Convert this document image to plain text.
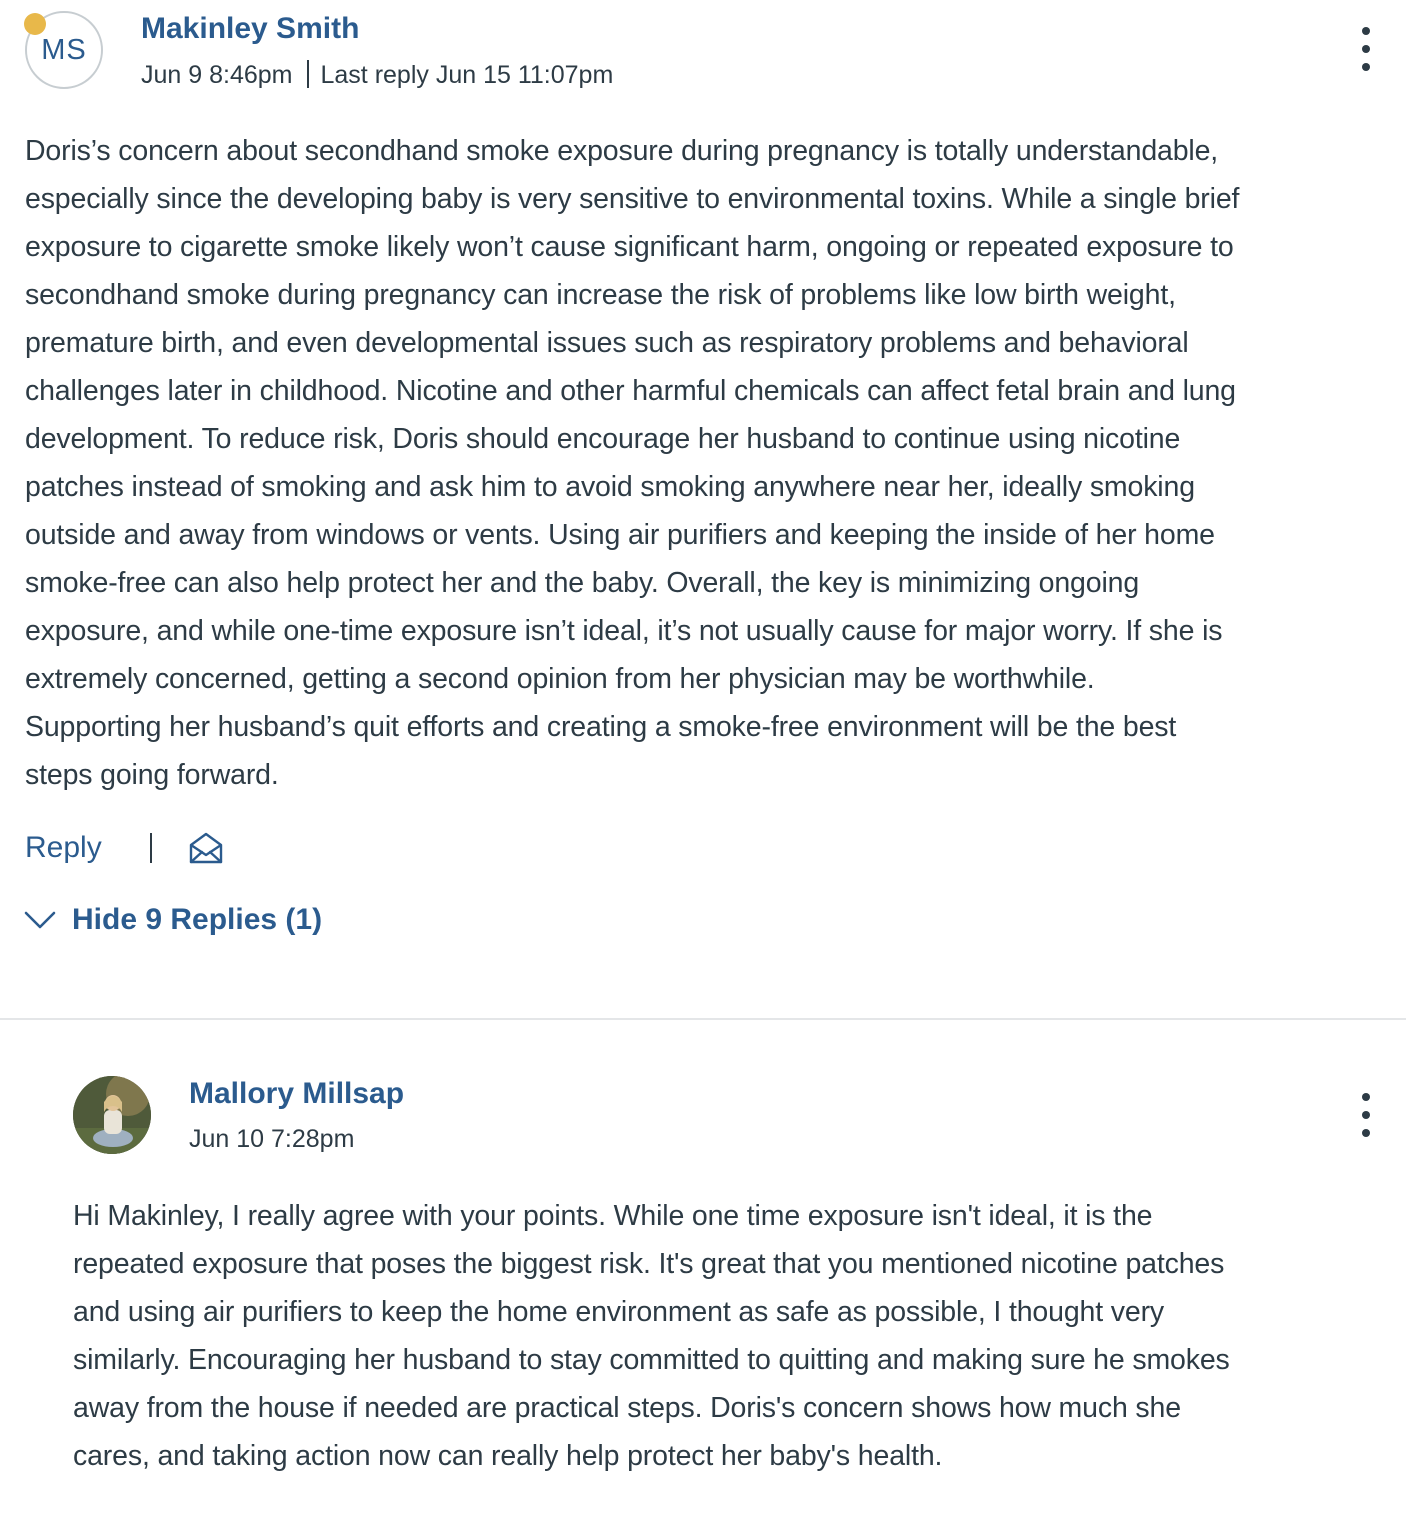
MS
Makinley Smith
Jun 9 8:46pm Last reply Jun 15 11:07pm
Doris’s concern about secondhand smoke exposure during pregnancy is totally understandable,
especially since the developing baby is very sensitive to environmental toxins. While a single brief
exposure to cigarette smoke likely won’t cause significant harm, ongoing or repeated exposure to
secondhand smoke during pregnancy can increase the risk of problems like low birth weight,
premature birth, and even developmental issues such as respiratory problems and behavioral
challenges later in childhood. Nicotine and other harmful chemicals can affect fetal brain and lung
development. To reduce risk, Doris should encourage her husband to continue using nicotine
patches instead of smoking and ask him to avoid smoking anywhere near her, ideally smoking
outside and away from windows or vents. Using air purifiers and keeping the inside of her home
smoke-free can also help protect her and the baby. Overall, the key is minimizing ongoing
exposure, and while one-time exposure isn’t ideal, it’s not usually cause for major worry. If she is
extremely concerned, getting a second opinion from her physician may be worthwhile.
Supporting her husband’s quit efforts and creating a smoke-free environment will be the best
steps going forward.
Reply
Hide 9 Replies (1)
Mallory Millsap
Jun 10 7:28pm
Hi Makinley, I really agree with your points. While one time exposure isn't ideal, it is the
repeated exposure that poses the biggest risk. It's great that you mentioned nicotine patches
and using air purifiers to keep the home environment as safe as possible, I thought very
similarly. Encouraging her husband to stay committed to quitting and making sure he smokes
away from the house if needed are practical steps. Doris's concern shows how much she
cares, and taking action now can really help protect her baby's health.
